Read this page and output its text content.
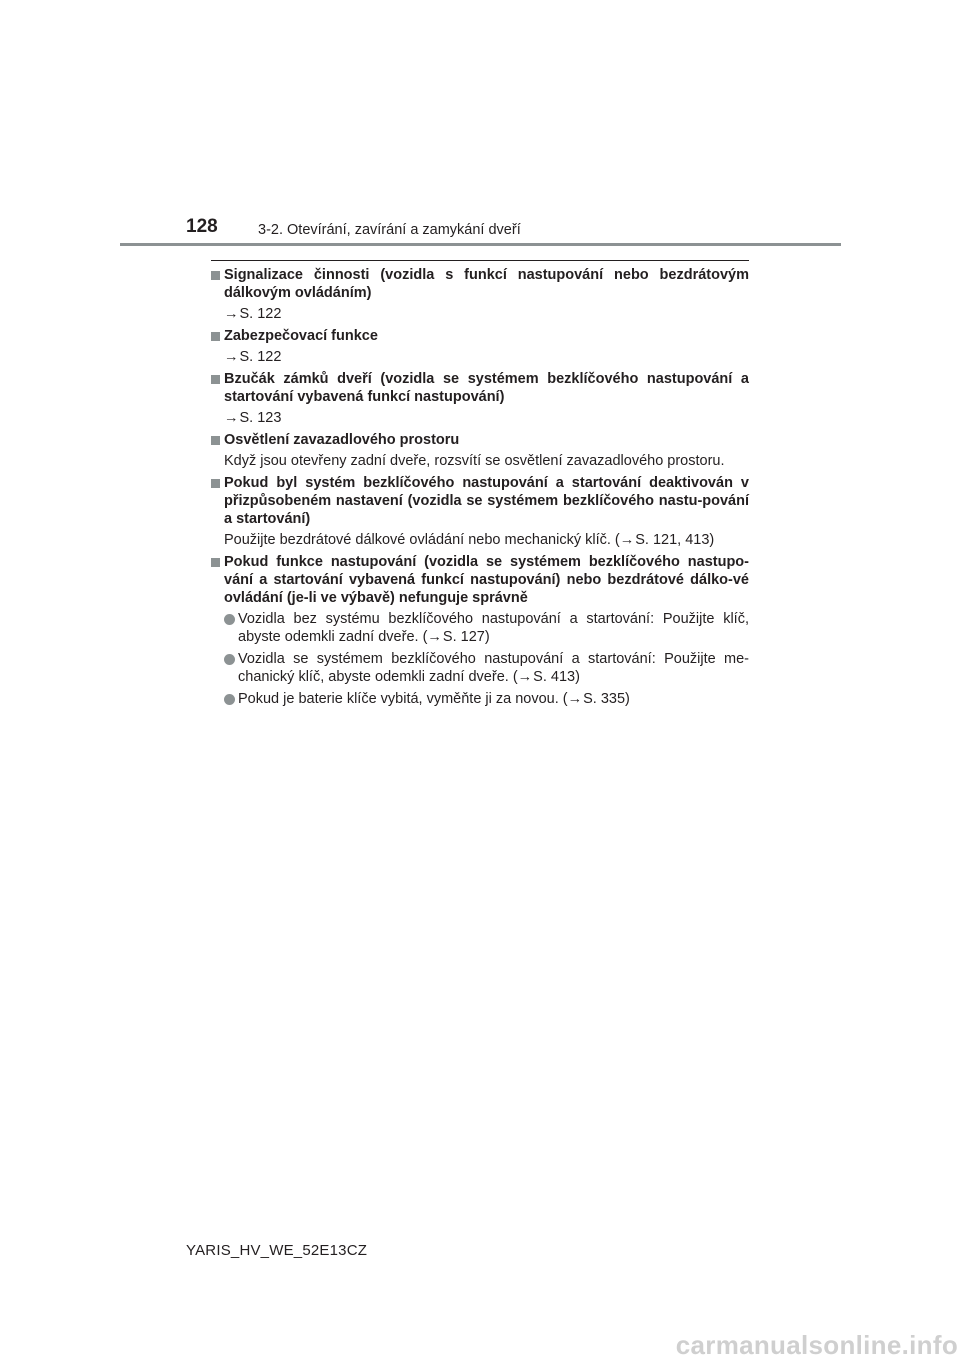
128	3-2. Otevírání, zavírání a zamykání dveří
Signalizace činnosti (vozidla s funkcí nastupování nebo bezdrátovým dálkovým ovládáním)
→S. 122
Zabezpečovací funkce
→S. 122
Bzučák zámků dveří (vozidla se systémem bezklíčového nastupování a startování vybavená funkcí nastupování)
→S. 123
Osvětlení zavazadlového prostoru
Když jsou otevřeny zadní dveře, rozsvítí se osvětlení zavazadlového prostoru.
Pokud byl systém bezklíčového nastupování a startování deaktivován v přizpůsobeném nastavení (vozidla se systémem bezklíčového nastu-pování a startování)
Použijte bezdrátové dálkové ovládání nebo mechanický klíč. (→S. 121, 413)
Pokud funkce nastupování (vozidla se systémem bezklíčového nastupo-vání a startování vybavená funkcí nastupování) nebo bezdrátové dálko-vé ovládání (je-li ve výbavě) nefunguje správně
Vozidla bez systému bezklíčového nastupování a startování: Použijte klíč, abyste odemkli zadní dveře. (→S. 127)
Vozidla se systémem bezklíčového nastupování a startování: Použijte me-chanický klíč, abyste odemkli zadní dveře. (→S. 413)
Pokud je baterie klíče vybitá, vyměňte ji za novou. (→S. 335)
YARIS_HV_WE_52E13CZ
carmanualsonline.info
